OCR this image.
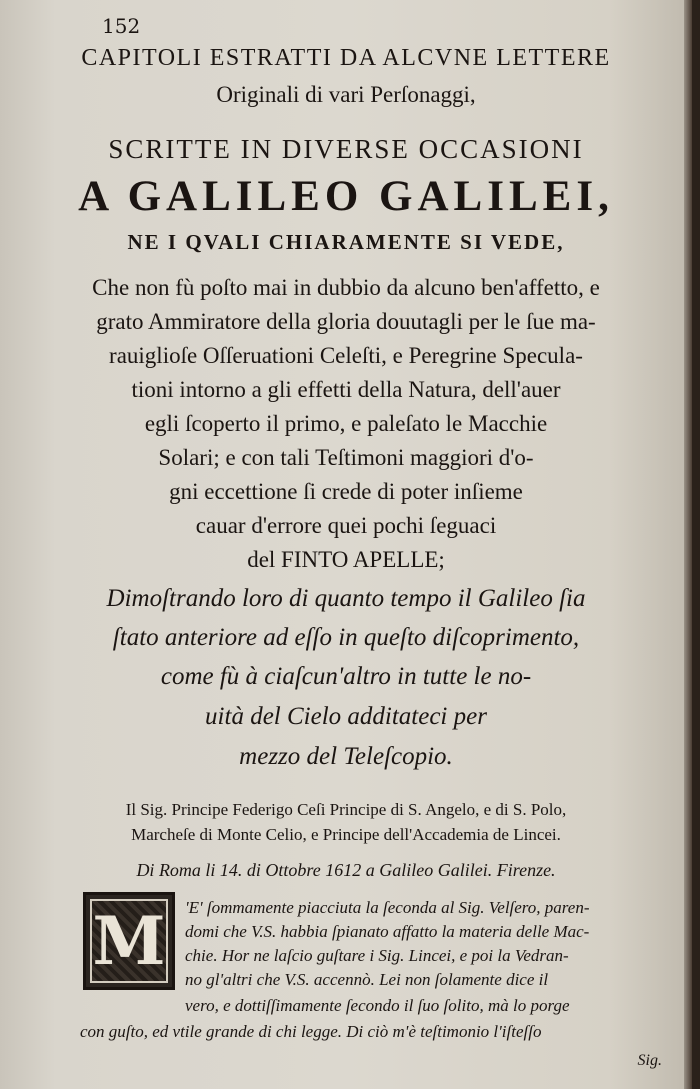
152
CAPITOLI ESTRATTI DA ALCVNE LETTERE
Originali di vari Perſonaggi,
SCRITTE IN DIVERSE OCCASIONI
A GALILEO GALILEI,
NE I QVALI CHIARAMENTE SI VEDE,
Che non fù poſto mai in dubbio da alcuno ben'affetto, e
grato Ammiratore della gloria douutagli per le ſue ma-
rauiglioſe Oſſeruationi Celeſti, e Peregrine Specula-
tioni intorno a gli effetti della Natura, dell'auer
egli ſcoperto il primo, e paleſato le Macchie
Solari; e con tali Teſtimoni maggiori d'o-
gni eccettione ſi crede di poter inſieme
cauar d'errore quei pochi ſeguaci
del FINTO APELLE;
Dimoſtrando loro di quanto tempo il Galileo ſia
ſtato anteriore ad eſſo in queſto diſcoprimento,
come fù à ciaſcun'altro in tutte le no-
uità del Cielo additateci per
mezzo del Teleſcopio.
Il Sig. Principe Federigo Ceſi Principe di S. Angelo, e di S. Polo,
Marcheſe di Monte Celio, e Principe dell'Accademia de Lincei.
Di Roma li 14. di Ottobre 1612 a Galileo Galilei. Firenze.
M 'E' ſommamente piacciuta la ſeconda al Sig. Velſero, paren-
domi che V.S. habbia ſpianato affatto la materia delle Mac-
chie. Hor ne laſcio guſtare i Sig. Lincei, e poi la Vedran-
no gl'altri che V.S. accennò. Lei non ſolamente dice il
vero, e dottiſſimamente ſecondo il ſuo ſolito, mà lo porge
con guſto, ed vtile grande di chi legge. Di ciò m'è teſtimonio l'iſteſſo
Sig.
